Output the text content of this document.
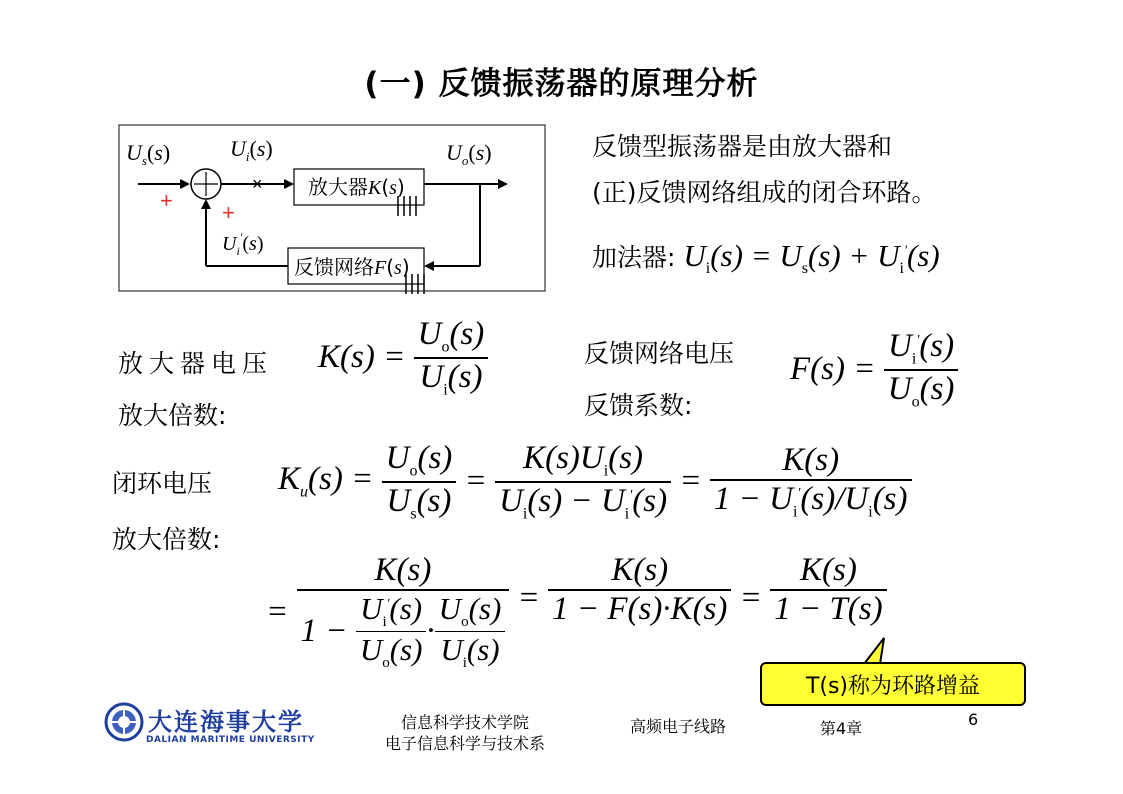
(一) 反馈振荡器的原理分析
$U_s(s)$	$U_i(s)$	$U_o(s)$
$U_i'(s)$
+ +
× 放大器K(s)
反馈网络F(s)
反馈型振荡器是由放大器和
(正)反馈网络组成的闭合环路。
加法器: $U_i(s) = U_s(s) + U_i'(s)$
放大器电压
放大倍数:
$K(s) = \frac{U_o(s)}{U_i(s)}$	反馈网络电压
反馈系数:
$F(s) = \frac{U_i'(s)}{U_o(s)}$
闭环电压
放大倍数:
$K_u(s) = \frac{U_o(s)}{U_s(s)} = \frac{K(s)U_i(s)}{U_i(s) - U_i'(s)} = \frac{K(s)}{1 - U_i'(s)/U_i(s)}$
=
K(s)
$1 - \frac{U_i'(s)}{U_o(s)} \cdot \frac{U_o(s)}{U_i(s)} = \frac{K(s)}{1 - F(s)\cdot K(s)} = \frac{K(s)}{1 - T(s)}$
T(s)称为环路增益
大连海事大学
DALIAN MARITIME UNIVERSITY
信息科学技术学院
电子信息科学与技术系
高频电子线路	第4章	6
